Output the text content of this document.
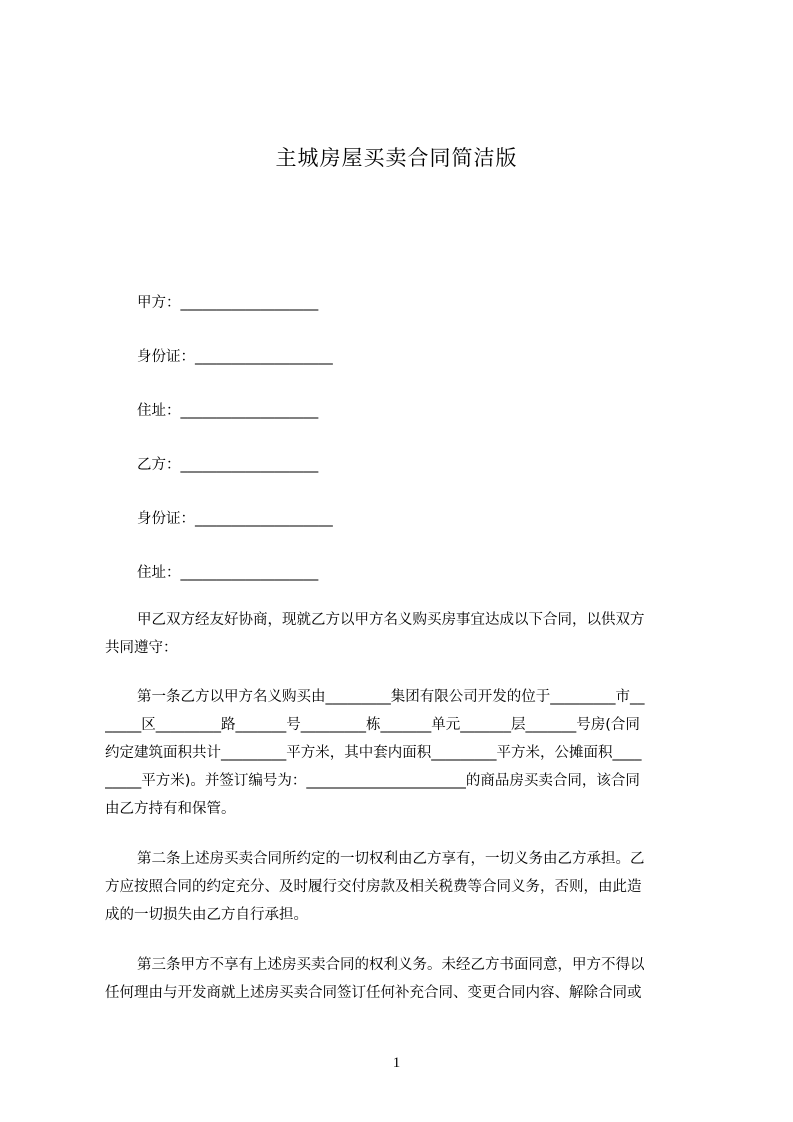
主城房屋买卖合同简洁版
甲方：___________________
身份证：___________________
住址：___________________
乙方：___________________
身份证：___________________
住址：___________________
甲乙双方经友好协商，现就乙方以甲方名义购买房事宜达成以下合同，以供双方
共同遵守：
第一条乙方以甲方名义购买由_________集团有限公司开发的位于_________市__
_____区_________路_______号_________栋_______单元_______层_______号房(合同
约定建筑面积共计_________平方米，其中套内面积_________平方米，公摊面积____
_____平方米)。并签订编号为：______________________的商品房买卖合同，该合同
由乙方持有和保管。
第二条上述房买卖合同所约定的一切权利由乙方享有，一切义务由乙方承担。乙
方应按照合同的约定充分、及时履行交付房款及相关税费等合同义务，否则，由此造
成的一切损失由乙方自行承担。
第三条甲方不享有上述房买卖合同的权利义务。未经乙方书面同意，甲方不得以
任何理由与开发商就上述房买卖合同签订任何补充合同、变更合同内容、解除合同或
1
